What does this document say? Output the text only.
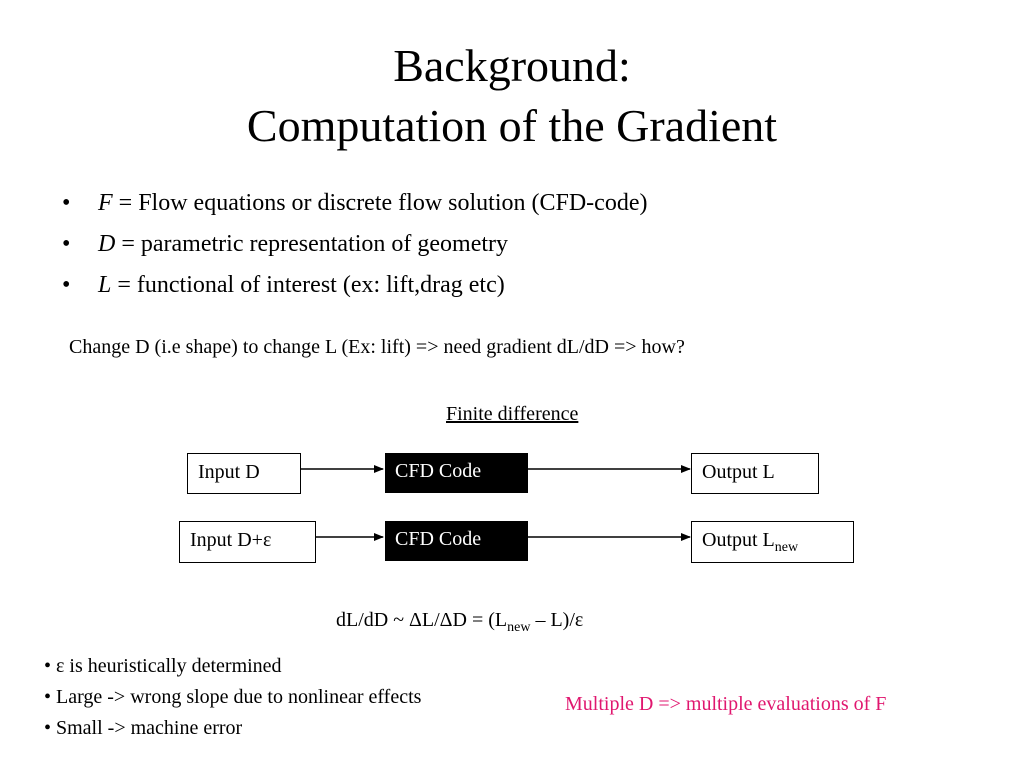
Background:
Computation of the Gradient
• F = Flow equations or discrete flow solution (CFD-code)
• D = parametric representation of geometry
• L = functional of interest (ex: lift,drag etc)
Change D (i.e shape) to change L (Ex: lift) => need gradient dL/dD => how?
Finite difference
Input D	CFD Code	Output L
Input D+ε	CFD Code	Output $L_{new}$
dL/dD ~ $\Delta L/\Delta D = (L_{new} - L)/\varepsilon$
• ε is heuristically determined
• Large -> wrong slope due to nonlinear effects
• Small -> machine error
Multiple D => multiple evaluations of F
